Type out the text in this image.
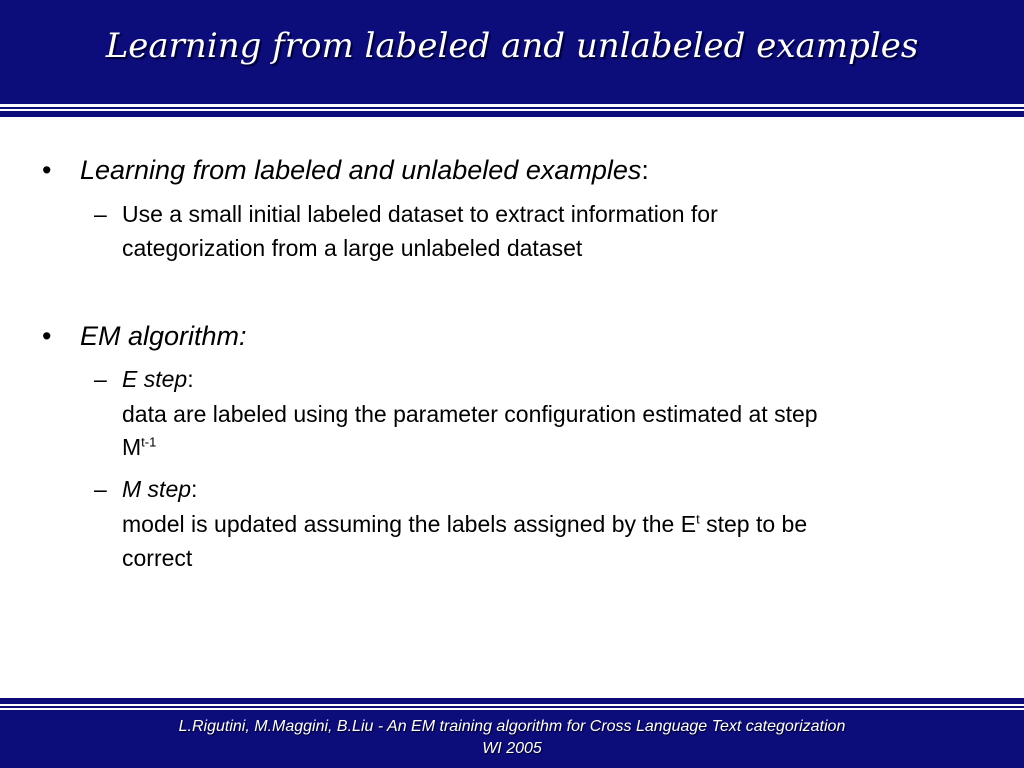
Learning from labeled and unlabeled examples
• Learning from labeled and unlabeled examples:
– Use a small initial labeled dataset to extract information for
categorization from a large unlabeled dataset
• EM algorithm:
– E step:
data are labeled using the parameter configuration estimated at step
$M^{t-1}$
– M step:
model is updated assuming the labels assigned by the $E^t$ step to be
correct
L.Rigutini, M.Maggini, B.Liu - An EM training algorithm for Cross Language Text categorization
WI 2005
